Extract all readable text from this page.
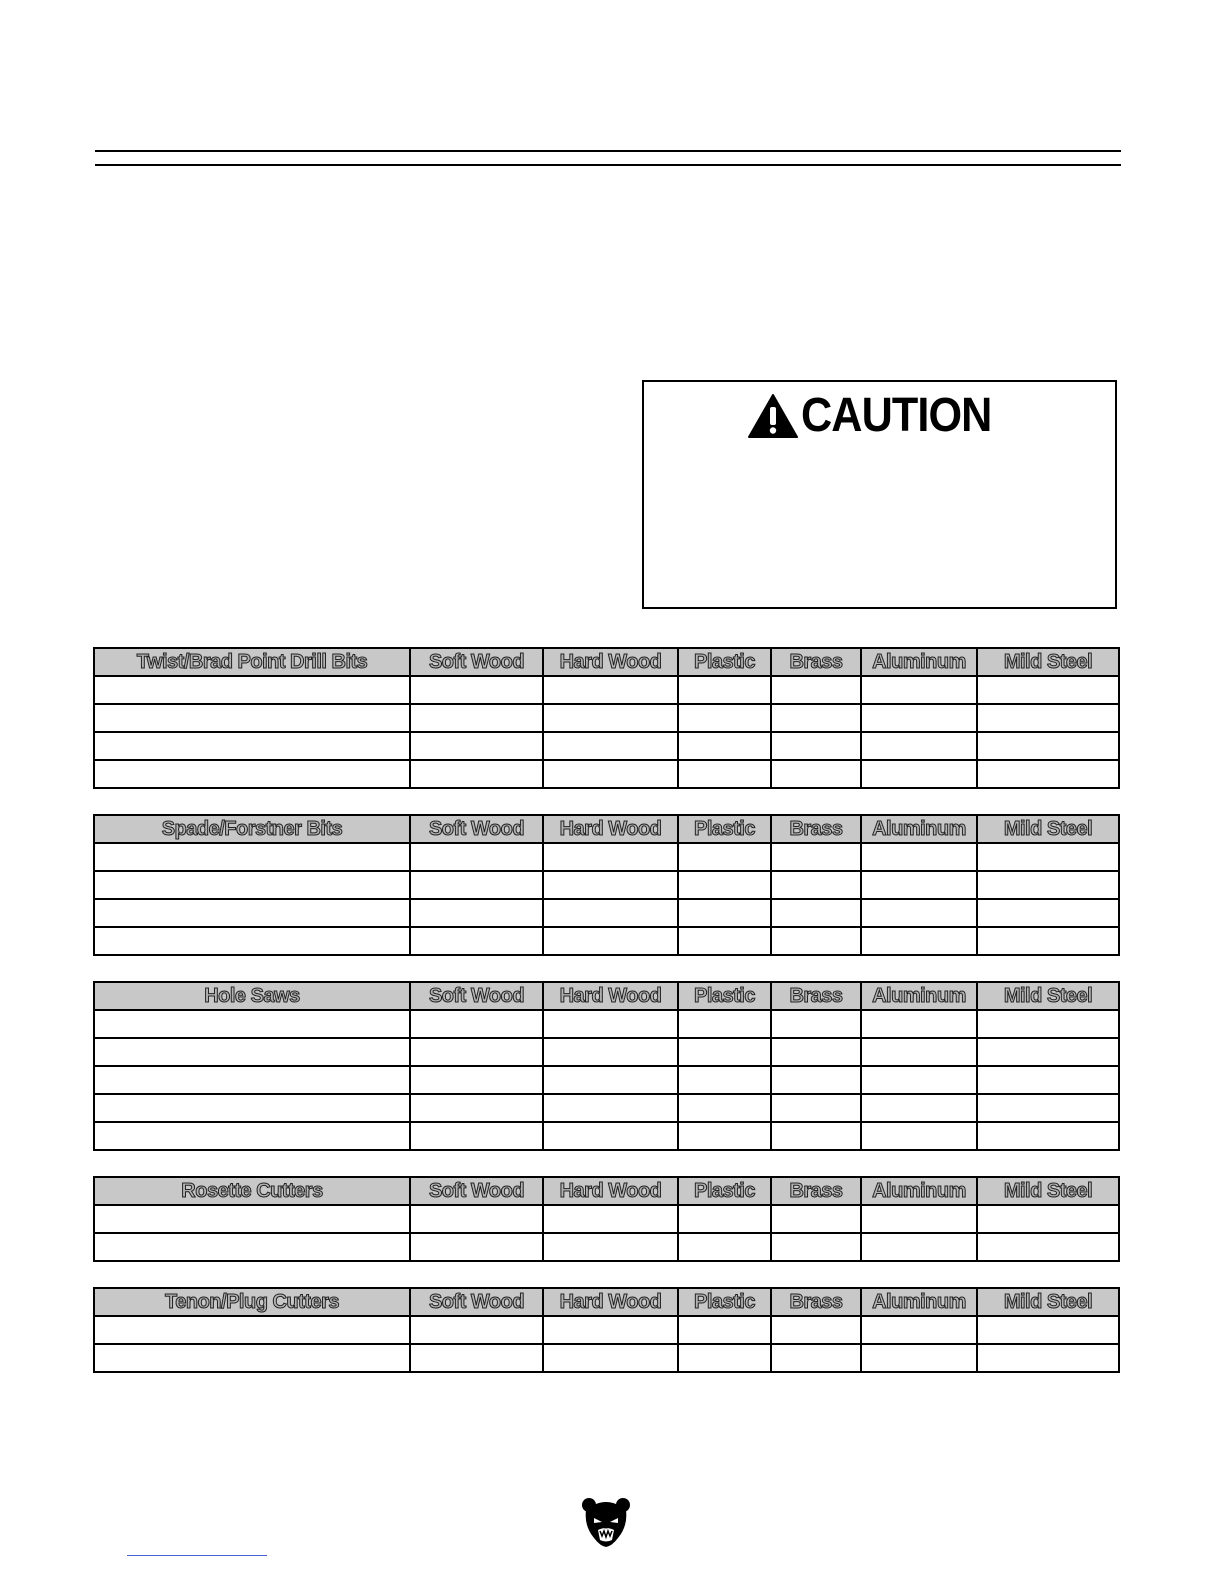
CAUTION
Twist/Brad Point Drill Bits	Soft Wood	Hard Wood	Plastic	Brass	Aluminum	Mild Steel

Spade/Forstner Bits	Soft Wood	Hard Wood	Plastic	Brass	Aluminum	Mild Steel

Hole Saws	Soft Wood	Hard Wood	Plastic	Brass	Aluminum	Mild Steel

Rosette Cutters	Soft Wood	Hard Wood	Plastic	Brass	Aluminum	Mild Steel

Tenon/Plug Cutters	Soft Wood	Hard Wood	Plastic	Brass	Aluminum	Mild Steel
